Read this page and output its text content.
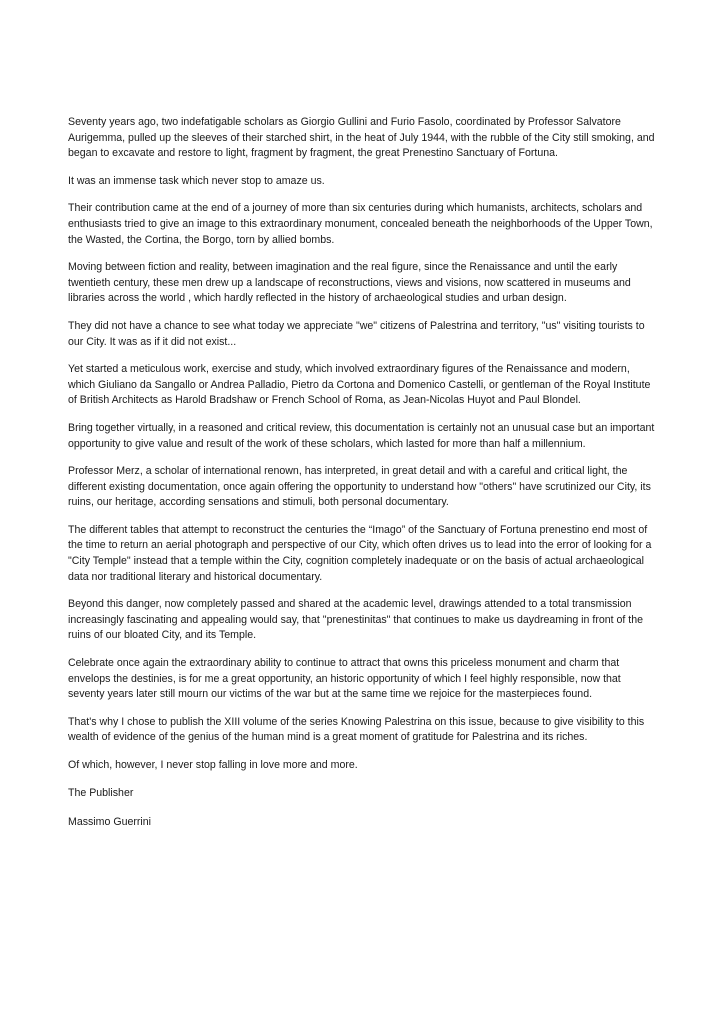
Seventy years ago, two indefatigable scholars as Giorgio Gullini and Furio Fasolo, coordinated by Professor Salvatore Aurigemma, pulled up the sleeves of their starched shirt, in the heat of July 1944, with the rubble of the City still smoking, and began to excavate and restore to light, fragment by fragment, the great Prenestino Sanctuary of Fortuna.

It was an immense task which never stop to amaze us.

Their contribution came at the end of a journey of more than six centuries during which humanists, architects, scholars and enthusiasts tried to give an image to this extraordinary monument, concealed beneath the neighborhoods of the Upper Town, the Wasted, the Cortina, the Borgo, torn by allied bombs.

Moving between fiction and reality, between imagination and the real figure, since the Renaissance and until the early twentieth century, these men drew up a landscape of reconstructions, views and visions, now scattered in museums and libraries across the world , which hardly reflected in the history of archaeological studies and urban design.

They did not have a chance to see what today we appreciate "we" citizens of Palestrina and territory, "us" visiting tourists to our City. It was as if it did not exist...

Yet started a meticulous work, exercise and study, which involved extraordinary figures of the Renaissance and modern, which Giuliano da Sangallo or Andrea Palladio, Pietro da Cortona and Domenico Castelli, or gentleman of the Royal Institute of British Architects as Harold Bradshaw or French School of Roma, as Jean-Nicolas Huyot and Paul Blondel.

Bring together virtually, in a reasoned and critical review, this documentation is certainly not an unusual case but an important opportunity to give value and result of the work of these scholars, which lasted for more than half a millennium.

Professor Merz, a scholar of international renown, has interpreted, in great detail and with a careful and critical light, the different existing documentation, once again offering the opportunity to understand how "others" have scrutinized our City, its ruins, our heritage, according sensations and stimuli, both personal documentary.

The different tables that attempt to reconstruct the centuries the “Imago” of the Sanctuary of Fortuna prenestino end most of the time to return an aerial photograph and perspective of our City, which often drives us to lead into the error of looking for a "City Temple" instead that a temple within the City, cognition completely inadequate or on the basis of actual archaeological data nor traditional literary and historical documentary.

Beyond this danger, now completely passed and shared at the academic level, drawings attended to a total transmission increasingly fascinating and appealing would say, that "prenestinitas" that continues to make us daydreaming in front of the ruins of our bloated City, and its Temple.

Celebrate once again the extraordinary ability to continue to attract that owns this priceless monument and charm that envelops the destinies, is for me a great opportunity, an historic opportunity of which I feel highly responsible, now that seventy years later still mourn our victims of the war but at the same time we rejoice for the masterpieces found.

That's why I chose to publish the XIII volume of the series Knowing Palestrina on this issue, because to give visibility to this wealth of evidence of the genius of the human mind is a great moment of gratitude for Palestrina and its riches.

Of which, however, I never stop falling in love more and more.

The Publisher

Massimo Guerrini
